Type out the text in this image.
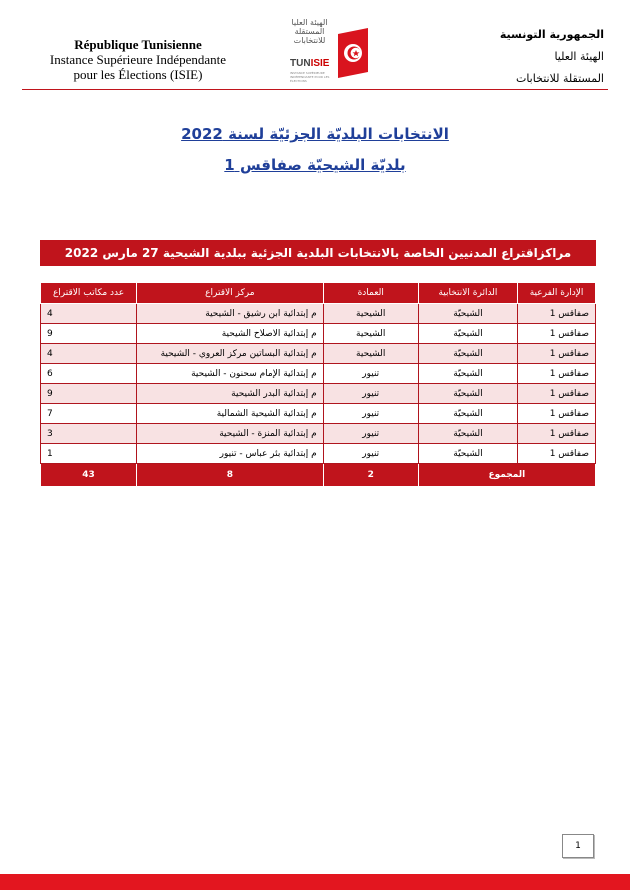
République Tunisienne
Instance Supérieure Indépendante
pour les Élections (ISIE)
الهيئة العليا المستقلة للانتخابات
TUNISIE
INSTANCE SUPÉRIEURE INDÉPENDANTE POUR LES ÉLECTIONS
الجمهورية التونسية
الهيئة العليا
المستقلة للانتخابات
الانتخابات البلديّة الجزئيّة لسنة 2022
بلديّة الشيحيّة صفاقس 1
مراكزاقتراع المدنيين الخاصة بالانتخابات البلدية الجزئية ببلدية الشيحية 27 مارس 2022
الإدارة الفرعية	الدائرة الانتخابية	العمادة	مركز الاقتراع	عدد مكاتب الاقتراع
صفاقس 1	الشيحيّة	الشيحية	م إبتدائية ابن رشيق - الشيحية	4
صفاقس 1	الشيحيّة	الشيحية	م إبتدائية الاصلاح الشيحية	9
صفاقس 1	الشيحيّة	الشيحية	م إبتدائية البساتين مركز العروي - الشيحية	4
صفاقس 1	الشيحيّة	تنيور	م إبتدائية الإمام سحنون - الشيحية	6
صفاقس 1	الشيحيّة	تنيور	م إبتدائية البدر الشيحية	9
صفاقس 1	الشيحيّة	تنيور	م إبتدائية الشيحية الشمالية	7
صفاقس 1	الشيحيّة	تنيور	م إبتدائية المنزة - الشيحية	3
صفاقس 1	الشيحيّة	تنيور	م إبتدائية بئر عباس - تنيور	1
المجموع		2	8	43
1
